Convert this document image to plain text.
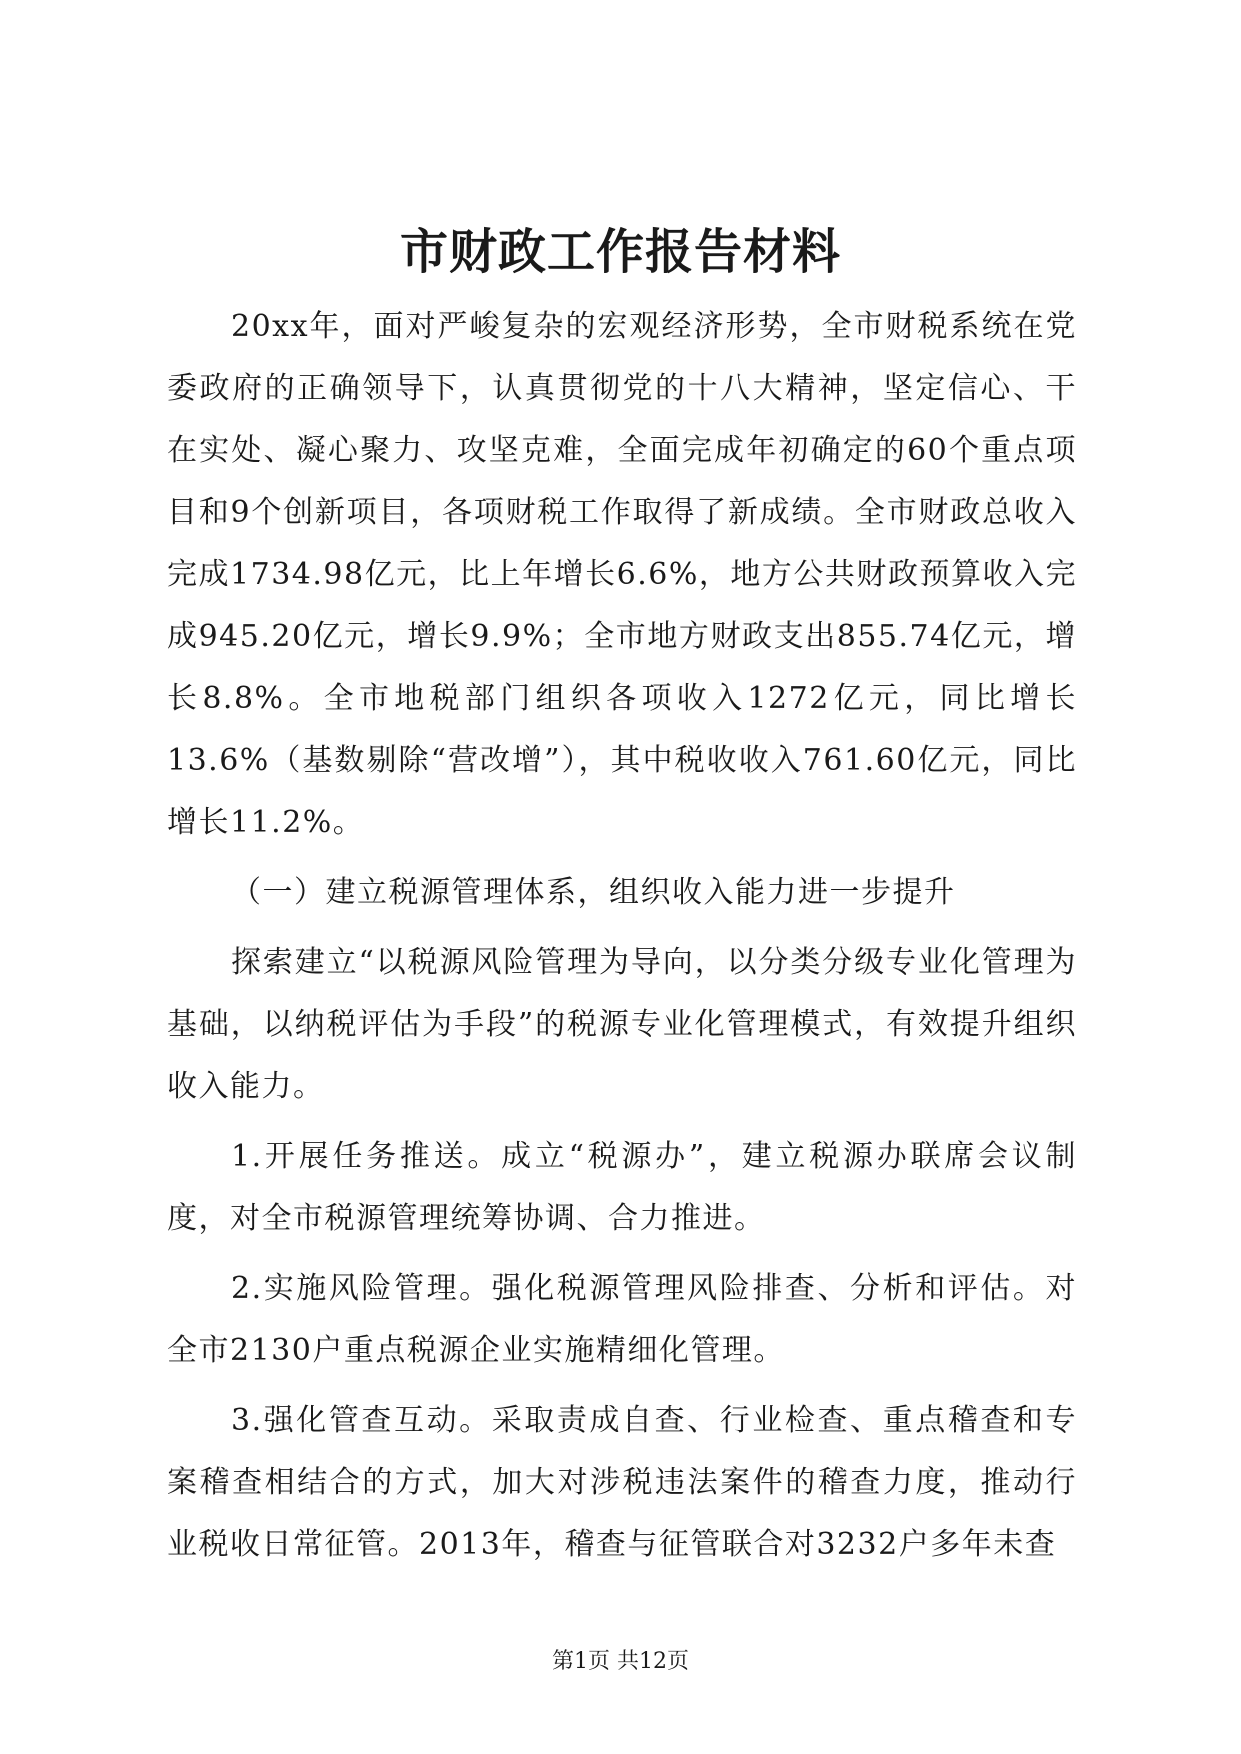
市财政工作报告材料

20xx年，面对严峻复杂的宏观经济形势，全市财税系统在党委政府的正确领导下，认真贯彻党的十八大精神，坚定信心、干在实处、凝心聚力、攻坚克难，全面完成年初确定的60个重点项目和9个创新项目，各项财税工作取得了新成绩。全市财政总收入完成1734.98亿元，比上年增长6.6%，地方公共财政预算收入完成945.20亿元，增长9.9%；全市地方财政支出855.74亿元，增长8.8%。全市地税部门组织各项收入1272亿元，同比增长13.6%（基数剔除“营改增”），其中税收收入761.60亿元，同比增长11.2%。

（一）建立税源管理体系，组织收入能力进一步提升

探索建立“以税源风险管理为导向，以分类分级专业化管理为基础，以纳税评估为手段”的税源专业化管理模式，有效提升组织收入能力。

1.开展任务推送。成立“税源办”，建立税源办联席会议制度，对全市税源管理统筹协调、合力推进。

2.实施风险管理。强化税源管理风险排查、分析和评估。对全市2130户重点税源企业实施精细化管理。

3.强化管查互动。采取责成自查、行业检查、重点稽查和专案稽查相结合的方式，加大对涉税违法案件的稽查力度，推动行业税收日常征管。2013年，稽查与征管联合对3232户多年未查

第1页 共12页
